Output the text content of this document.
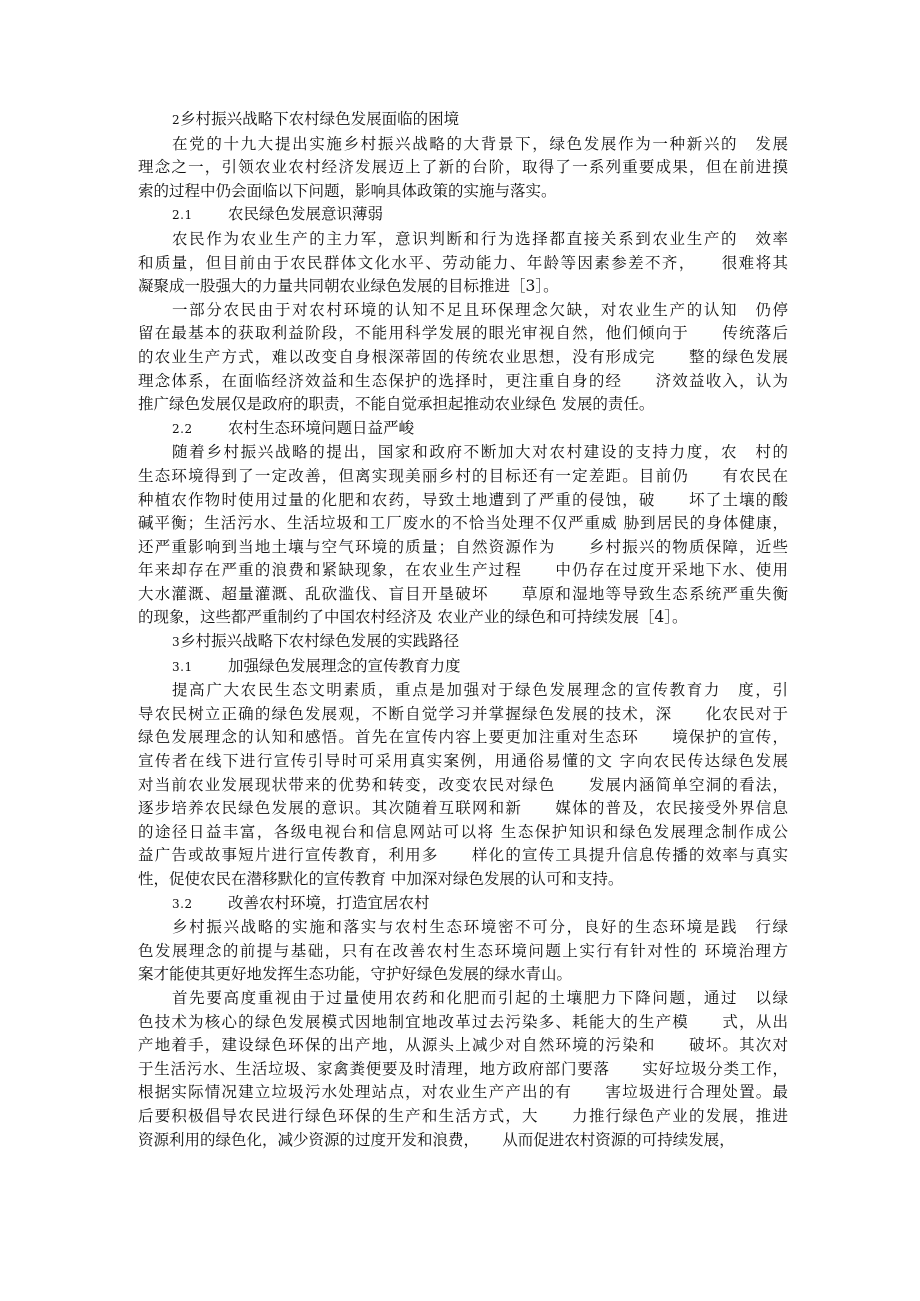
2乡村振兴战略下农村绿色发展面临的困境
在党的十九大提出实施乡村振兴战略的大背景下，绿色发展作为一种新兴的　发展
理念之一，引领农业农村经济发展迈上了新的台阶，取得了一系列重要成果，但在前进摸
索的过程中仍会面临以下问题，影响具体政策的实施与落实。
2.1 农民绿色发展意识薄弱
农民作为农业生产的主力军，意识判断和行为选择都直接关系到农业生产的　效率
和质量，但目前由于农民群体文化水平、劳动能力、年龄等因素参差不齐，　　很难将其
凝聚成一股强大的力量共同朝农业绿色发展的目标推进［3］。
一部分农民由于对农村环境的认知不足且环保理念欠缺，对农业生产的认知　仍停
留在最基本的获取利益阶段，不能用科学发展的眼光审视自然，他们倾向于　　传统落后
的农业生产方式，难以改变自身根深蒂固的传统农业思想，没有形成完　　整的绿色发展
理念体系，在面临经济效益和生态保护的选择时，更注重自身的经　　济效益收入，认为
推广绿色发展仅是政府的职责，不能自觉承担起推动农业绿色 发展的责任。
2.2 农村生态环境问题日益严峻
随着乡村振兴战略的提出，国家和政府不断加大对农村建设的支持力度，农　村的
生态环境得到了一定改善，但离实现美丽乡村的目标还有一定差距。目前仍　　有农民在
种植农作物时使用过量的化肥和农药，导致土地遭到了严重的侵蚀，破　　坏了土壤的酸
碱平衡；生活污水、生活垃圾和工厂废水的不恰当处理不仅严重威 胁到居民的身体健康，
还严重影响到当地土壤与空气环境的质量；自然资源作为　　乡村振兴的物质保障，近些
年来却存在严重的浪费和紧缺现象，在农业生产过程　　中仍存在过度开采地下水、使用
大水灌溉、超量灌溉、乱砍滥伐、盲目开垦破坏　　草原和湿地等导致生态系统严重失衡
的现象，这些都严重制约了中国农村经济及 农业产业的绿色和可持续发展［4］。
3乡村振兴战略下农村绿色发展的实践路径
3.1 加强绿色发展理念的宣传教育力度
提高广大农民生态文明素质，重点是加强对于绿色发展理念的宣传教育力　度，引
导农民树立正确的绿色发展观，不断自觉学习并掌握绿色发展的技术，深　　化农民对于
绿色发展理念的认知和感悟。首先在宣传内容上要更加注重对生态环　　境保护的宣传，
宣传者在线下进行宣传引导时可采用真实案例，用通俗易懂的文 字向农民传达绿色发展
对当前农业发展现状带来的优势和转变，改变农民对绿色　　发展内涵简单空洞的看法，
逐步培养农民绿色发展的意识。其次随着互联网和新　　媒体的普及，农民接受外界信息
的途径日益丰富，各级电视台和信息网站可以将 生态保护知识和绿色发展理念制作成公
益广告或故事短片进行宣传教育，利用多　　样化的宣传工具提升信息传播的效率与真实
性，促使农民在潜移默化的宣传教育 中加深对绿色发展的认可和支持。
3.2 改善农村环境，打造宜居农村
乡村振兴战略的实施和落实与农村生态环境密不可分，良好的生态环境是践　行绿
色发展理念的前提与基础，只有在改善农村生态环境问题上实行有针对性的 环境治理方
案才能使其更好地发挥生态功能，守护好绿色发展的绿水青山。
首先要高度重视由于过量使用农药和化肥而引起的土壤肥力下降问题，通过　以绿
色技术为核心的绿色发展模式因地制宜地改革过去污染多、耗能大的生产模　　式，从出
产地着手，建设绿色环保的出产地，从源头上减少对自然环境的污染和　　破坏。其次对
于生活污水、生活垃圾、家禽粪便要及时清理，地方政府部门要落　　实好垃圾分类工作，
根据实际情况建立垃圾污水处理站点，对农业生产产出的有　　害垃圾进行合理处置。最
后要积极倡导农民进行绿色环保的生产和生活方式，大　　力推行绿色产业的发展，推进
资源利用的绿色化，减少资源的过度开发和浪费，　　从而促进农村资源的可持续发展，
